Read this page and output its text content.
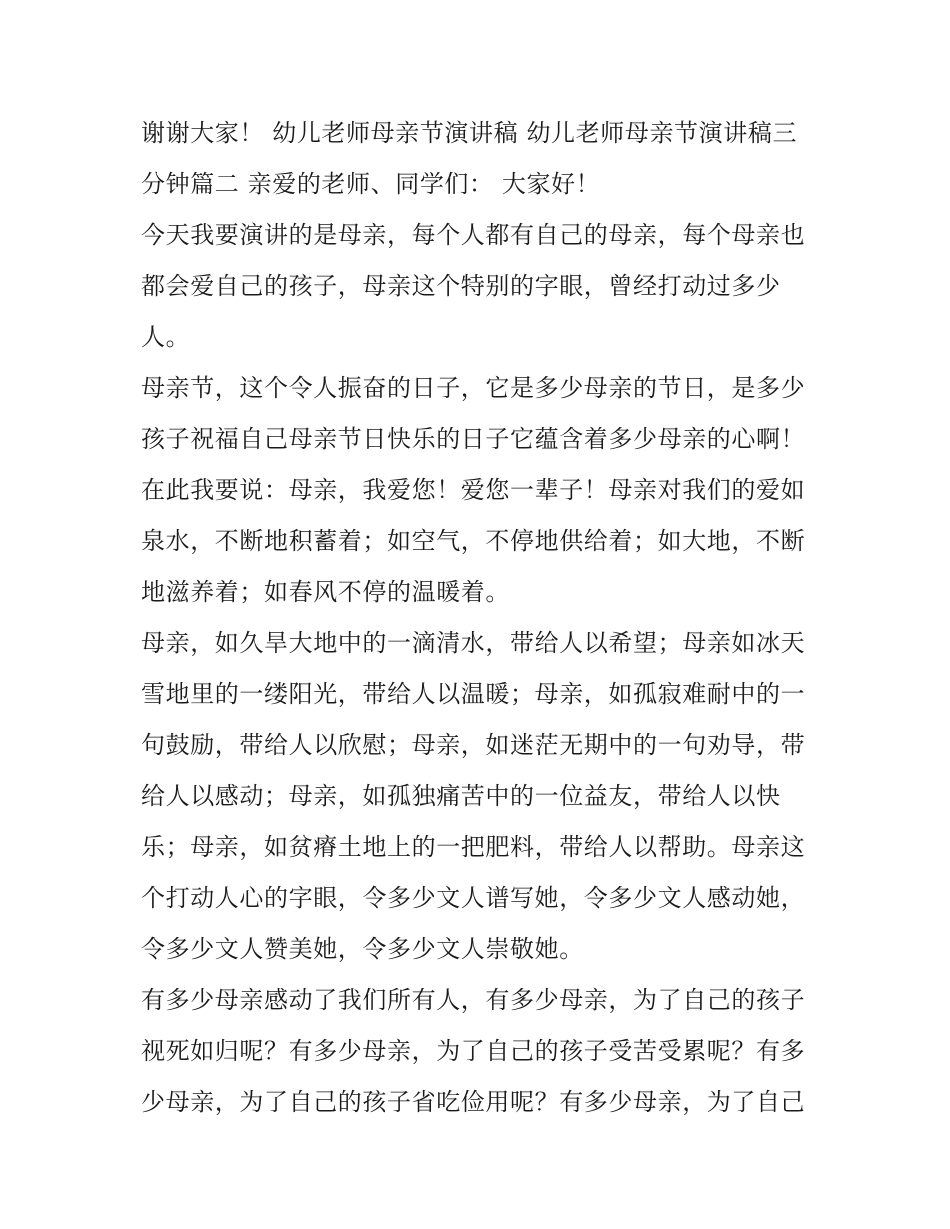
谢谢大家！ 幼儿老师母亲节演讲稿 幼儿老师母亲节演讲稿三
分钟篇二 亲爱的老师、同学们： 大家好！
今天我要演讲的是母亲，每个人都有自己的母亲，每个母亲也
都会爱自己的孩子，母亲这个特别的字眼，曾经打动过多少
人。
母亲节，这个令人振奋的日子，它是多少母亲的节日，是多少
孩子祝福自己母亲节日快乐的日子它蕴含着多少母亲的心啊！
在此我要说：母亲，我爱您！爱您一辈子！母亲对我们的爱如
泉水，不断地积蓄着；如空气，不停地供给着；如大地，不断
地滋养着；如春风不停的温暖着。
母亲，如久旱大地中的一滴清水，带给人以希望；母亲如冰天
雪地里的一缕阳光，带给人以温暖；母亲，如孤寂难耐中的一
句鼓励，带给人以欣慰；母亲，如迷茫无期中的一句劝导，带
给人以感动；母亲，如孤独痛苦中的一位益友，带给人以快
乐；母亲，如贫瘠土地上的一把肥料，带给人以帮助。母亲这
个打动人心的字眼，令多少文人谱写她，令多少文人感动她，
令多少文人赞美她，令多少文人崇敬她。
有多少母亲感动了我们所有人，有多少母亲，为了自己的孩子
视死如归呢？有多少母亲，为了自己的孩子受苦受累呢？有多
少母亲，为了自己的孩子省吃俭用呢？有多少母亲，为了自己
